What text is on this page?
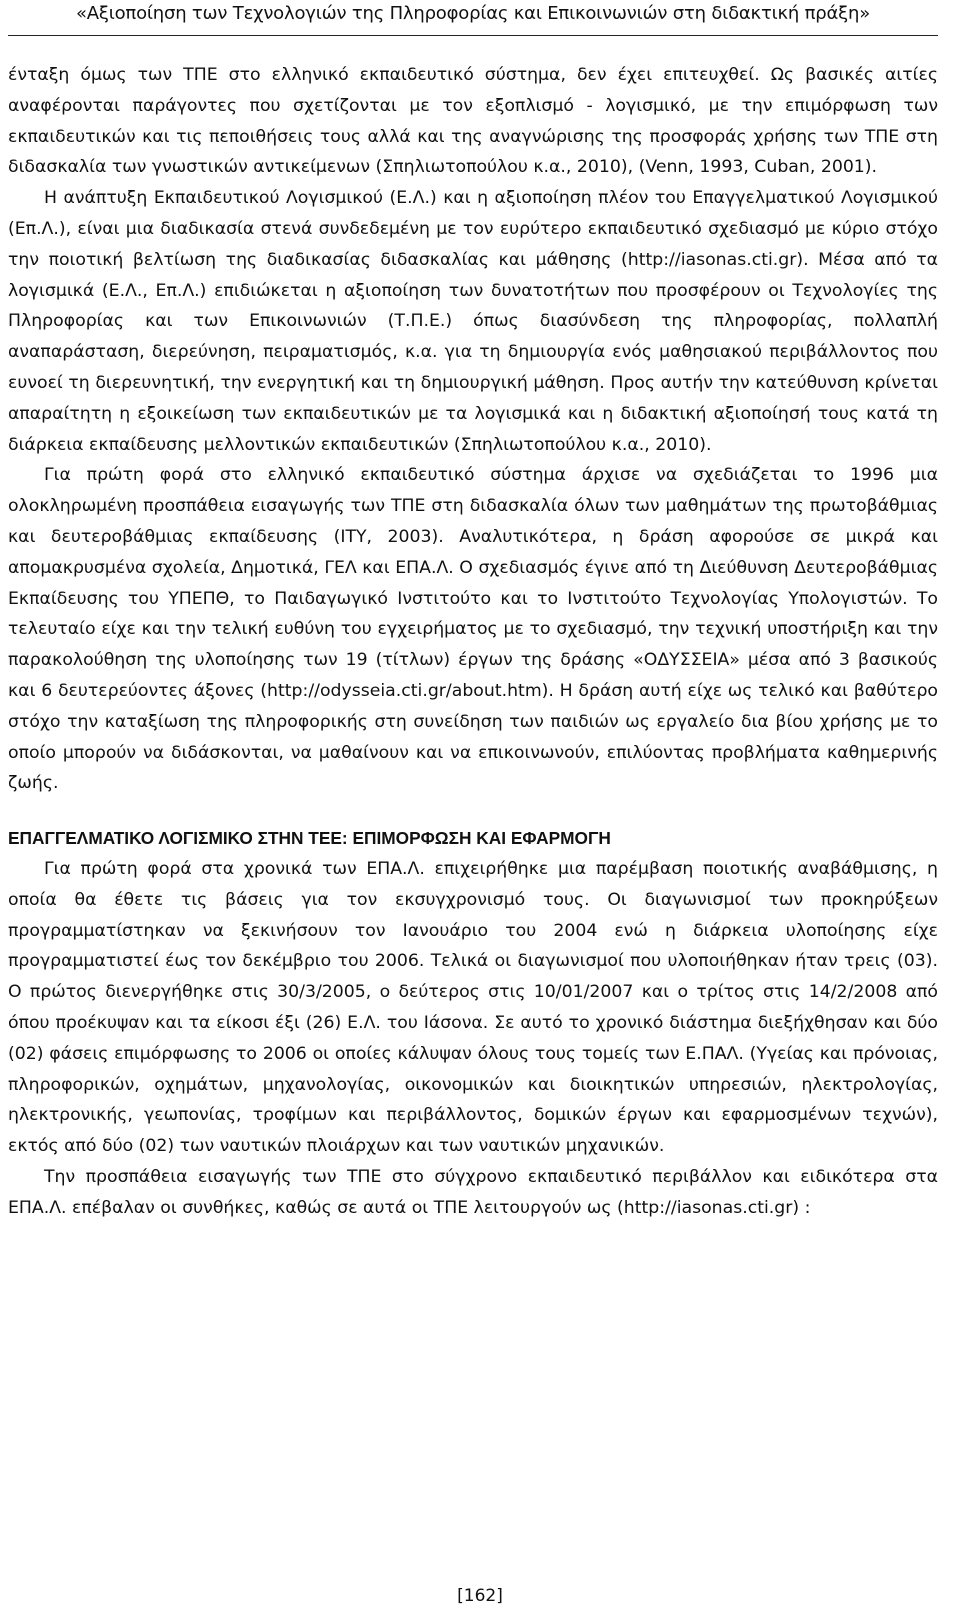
«Αξιοποίηση των Τεχνολογιών της Πληροφορίας και Επικοινωνιών στη διδακτική πράξη»

ένταξη όμως των ΤΠΕ στο ελληνικό εκπαιδευτικό σύστημα, δεν έχει επιτευχθεί. Ως βασικές αιτίες αναφέρονται παράγοντες που σχετίζονται με τον εξοπλισμό - λογισμικό, με την επιμόρφωση των εκπαιδευτικών και τις πεποιθήσεις τους αλλά και της αναγνώρισης της προσφοράς χρήσης των ΤΠΕ στη διδασκαλία των γνωστικών αντικείμενων (Σπηλιωτοπούλου κ.α., 2010), (Venn, 1993, Cuban, 2001).

Η ανάπτυξη Εκπαιδευτικού Λογισμικού (Ε.Λ.) και η αξιοποίηση πλέον του Επαγγελματικού Λογισμικού (Επ.Λ.), είναι μια διαδικασία στενά συνδεδεμένη με τον ευρύτερο εκπαιδευτικό σχεδιασμό με κύριο στόχο την ποιοτική βελτίωση της διαδικασίας διδασκαλίας και μάθησης (http://iasonas.cti.gr). Μέσα από τα λογισμικά (Ε.Λ., Επ.Λ.) επιδιώκεται η αξιοποίηση των δυνατοτήτων που προσφέρουν οι Τεχνολογίες της Πληροφορίας και των Επικοινωνιών (Τ.Π.Ε.) όπως διασύνδεση της πληροφορίας, πολλαπλή αναπαράσταση, διερεύνηση, πειραματισμός, κ.α. για τη δημιουργία ενός μαθησιακού περιβάλλοντος που ευνοεί τη διερευνητική, την ενεργητική και τη δημιουργική μάθηση. Προς αυτήν την κατεύθυνση κρίνεται απαραίτητη η εξοικείωση των εκπαιδευτικών με τα λογισμικά και η διδακτική αξιοποίησή τους κατά τη διάρκεια εκπαίδευσης μελλοντικών εκπαιδευτικών (Σπηλιωτοπούλου κ.α., 2010).

Για πρώτη φορά στο ελληνικό εκπαιδευτικό σύστημα άρχισε να σχεδιάζεται το 1996 μια ολοκληρωμένη προσπάθεια εισαγωγής των ΤΠΕ στη διδασκαλία όλων των μαθημάτων της πρωτοβάθμιας και δευτεροβάθμιας εκπαίδευσης (ΙΤΥ, 2003). Αναλυτικότερα, η δράση αφορούσε σε μικρά και απομακρυσμένα σχολεία, Δημοτικά, ΓΕΛ και ΕΠΑ.Λ. Ο σχεδιασμός έγινε από τη Διεύθυνση Δευτεροβάθμιας Εκπαίδευσης του ΥΠΕΠΘ, το Παιδαγωγικό Ινστιτούτο και το Ινστιτούτο Τεχνολογίας Υπολογιστών. Το τελευταίο είχε και την τελική ευθύνη του εγχειρήματος με το σχεδιασμό, την τεχνική υποστήριξη και την παρακολούθηση της υλοποίησης των 19 (τίτλων) έργων της δράσης «ΟΔΥΣΣΕΙΑ» μέσα από 3 βασικούς και 6 δευτερεύοντες άξονες (http://odysseia.cti.gr/about.htm). Η δράση αυτή είχε ως τελικό και βαθύτερο στόχο την καταξίωση της πληροφορικής στη συνείδηση των παιδιών ως εργαλείο δια βίου χρήσης με το οποίο μπορούν να διδάσκονται, να μαθαίνουν και να επικοινωνούν, επιλύοντας προβλήματα καθημερινής ζωής.

ΕΠΑΓΓΕΛΜΑΤΙΚΟ ΛΟΓΙΣΜΙΚΟ ΣΤΗΝ ΤΕΕ: ΕΠΙΜΟΡΦΩΣΗ ΚΑΙ ΕΦΑΡΜΟΓΗ

Για πρώτη φορά στα χρονικά των ΕΠΑ.Λ. επιχειρήθηκε μια παρέμβαση ποιοτικής αναβάθμισης, η οποία θα έθετε τις βάσεις για τον εκσυγχρονισμό τους. Οι διαγωνισμοί των προκηρύξεων προγραμματίστηκαν να ξεκινήσουν τον Ιανουάριο του 2004 ενώ η διάρκεια υλοποίησης είχε προγραμματιστεί έως τον δεκέμβριο του 2006. Τελικά οι διαγωνισμοί που υλοποιήθηκαν ήταν τρεις (03). Ο πρώτος διενεργήθηκε στις 30/3/2005, ο δεύτερος στις 10/01/2007 και ο τρίτος στις 14/2/2008 από όπου προέκυψαν και τα είκοσι έξι (26) Ε.Λ. του Ιάσονα. Σε αυτό το χρονικό διάστημα διεξήχθησαν και δύο (02) φάσεις επιμόρφωσης το 2006 οι οποίες κάλυψαν όλους τους τομείς των Ε.ΠΑΛ. (Υγείας και πρόνοιας, πληροφορικών, οχημάτων, μηχανολογίας, οικονομικών και διοικητικών υπηρεσιών, ηλεκτρολογίας, ηλεκτρονικής, γεωπονίας, τροφίμων και περιβάλλοντος, δομικών έργων και εφαρμοσμένων τεχνών), εκτός από δύο (02) των ναυτικών πλοιάρχων και των ναυτικών μηχανικών.

Την προσπάθεια εισαγωγής των ΤΠΕ στο σύγχρονο εκπαιδευτικό περιβάλλον και ειδικότερα στα ΕΠΑ.Λ. επέβαλαν οι συνθήκες, καθώς σε αυτά οι ΤΠΕ λειτουργούν ως (http://iasonas.cti.gr) :

[162]
